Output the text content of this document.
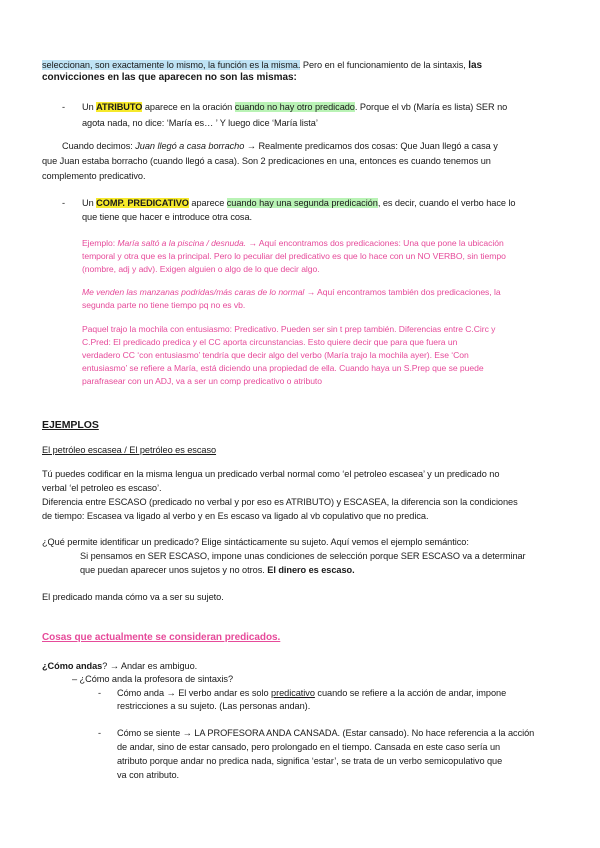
seleccionan, son exactamente lo mismo, la función es la misma. Pero en el funcionamiento de la sintaxis, las
convicciones en las que aparecen no son las mismas:
- Un ATRIBUTO aparece en la oración cuando no hay otro predicado. Porque el vb (María es lista) SER no
agota nada, no dice: ‘María es… ’ Y luego dice ‘María lista’
Cuando decimos: Juan llegó a casa borracho → Realmente predicamos dos cosas: Que Juan llegó a casa y
que Juan estaba borracho (cuando llegó a casa). Son 2 predicaciones en una, entonces es cuando tenemos un
complemento predicativo.
- Un COMP. PREDICATIVO aparece cuando hay una segunda predicación, es decir, cuando el verbo hace lo
que tiene que hacer e introduce otra cosa.
Ejemplo: María saltó a la piscina / desnuda. → Aquí encontramos dos predicaciones: Una que pone la ubicación
temporal y otra que es la principal. Pero lo peculiar del predicativo es que lo hace con un NO VERBO, sin tiempo
(nombre, adj y adv). Exigen alguien o algo de lo que decir algo.
Me venden las manzanas podridas/más caras de lo normal → Aquí encontramos también dos predicaciones, la
segunda parte no tiene tiempo pq no es vb.
Paquel trajo la mochila con entusiasmo: Predicativo. Pueden ser sin t prep también. Diferencias entre C.Circ y
C.Pred: El predicado predica y el CC aporta circunstancias. Esto quiere decir que para que fuera un
verdadero CC ‘con entusiasmo’ tendría que decir algo del verbo (María trajo la mochila ayer). Ese ‘Con
entusiasmo’ se refiere a María, está diciendo una propiedad de ella. Cuando haya un S.Prep que se puede
parafrasear con un ADJ, va a ser un comp predicativo o atributo
EJEMPLOS
El petróleo escasea / El petróleo es escaso
Tú puedes codificar en la misma lengua un predicado verbal normal como ‘el petroleo escasea’ y un predicado no
verbal ‘el petroleo es escaso’.
Diferencia entre ESCASO (predicado no verbal y por eso es ATRIBUTO) y ESCASEA, la diferencia son la condiciones
de tiempo: Escasea va ligado al verbo y en Es escaso va ligado al vb copulativo que no predica.
¿Qué permite identificar un predicado? Elige sintácticamente su sujeto. Aquí vemos el ejemplo semántico:
Si pensamos en SER ESCASO, impone unas condiciones de selección porque SER ESCASO va a determinar
que puedan aparecer unos sujetos y no otros. El dinero es escaso.
El predicado manda cómo va a ser su sujeto.
Cosas que actualmente se consideran predicados.
¿Cómo andas? → Andar es ambiguo.
– ¿Cómo anda la profesora de sintaxis?
- Cómo anda → El verbo andar es solo predicativo cuando se refiere a la acción de andar, impone
restricciones a su sujeto. (Las personas andan).
- Cómo se siente → LA PROFESORA ANDA CANSADA. (Estar cansado). No hace referencia a la acción
de andar, sino de estar cansado, pero prolongado en el tiempo. Cansada en este caso sería un
atributo porque andar no predica nada, significa ‘estar’, se trata de un verbo semicopulativo que
va con atributo.
